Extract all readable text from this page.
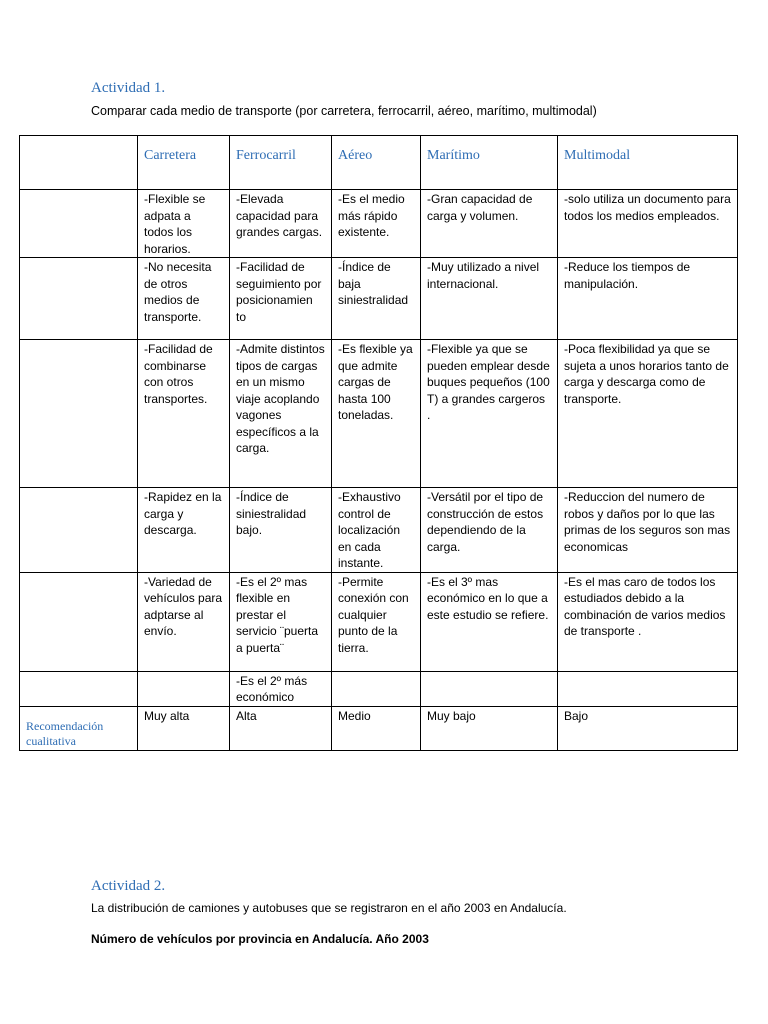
Actividad 1.

Comparar cada medio de transporte (por carretera, ferrocarril, aéreo, marítimo, multimodal)

	Carretera	Ferrocarril	Aéreo	Marítimo	Multimodal
	-Flexible se adpata a todos los horarios.	-Elevada capacidad para grandes cargas.	-Es el medio más rápido existente.	-Gran capacidad de carga y volumen.	-solo utiliza un documento para todos los medios empleados.
	-No necesita de otros medios de transporte.	-Facilidad de seguimiento por posicionamien to	-Índice de baja siniestralidad	-Muy utilizado a nivel internacional.	-Reduce los tiempos de manipulación.
	-Facilidad de combinarse con otros transportes.	-Admite distintos tipos de cargas en un mismo viaje acoplando vagones específicos a la carga.	-Es flexible ya que admite cargas de hasta 100 toneladas.	-Flexible ya que se pueden emplear desde buques pequeños (100 T) a grandes cargeros .	-Poca flexibilidad ya que se sujeta a unos horarios tanto de carga y descarga como de transporte.
	-Rapidez en la carga y descarga.	-Índice de siniestralidad bajo.	-Exhaustivo control de localización en cada instante.	-Versátil por el tipo de construcción de estos dependiendo de la carga.	-Reduccion del numero de robos y daños por lo que las primas de los seguros son mas economicas
	-Variedad de vehículos para adptarse al envío.	-Es el 2º mas flexible en prestar el servicio ¨puerta a puerta¨	-Permite conexión con cualquier punto de la tierra.	-Es el 3º mas económico en lo que a este estudio se refiere.	-Es el mas caro de todos los estudiados debido a la combinación de varios medios de transporte .
		-Es el 2º más económico			
Recomendación cualitativa	Muy alta	Alta	Medio	Muy bajo	Bajo
Actividad 2.

La distribución de camiones y autobuses que se registraron en el año 2003 en Andalucía.

Número de vehículos por provincia en Andalucía. Año 2003
